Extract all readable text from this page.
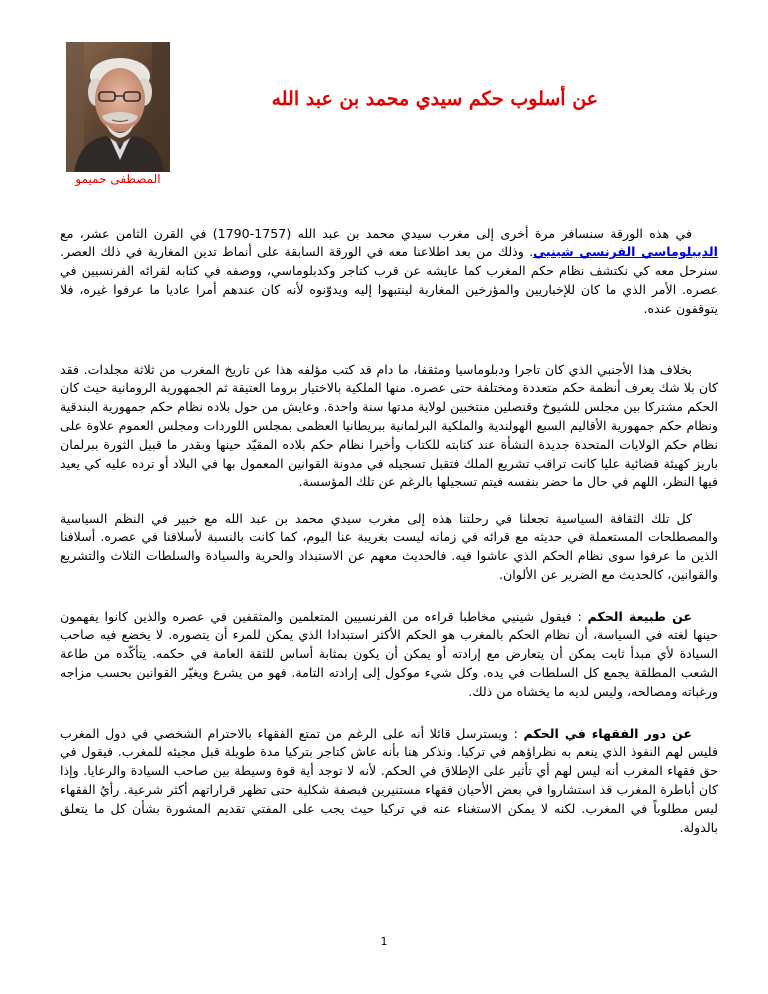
المصطفى حميمو
عن أسلوب حكم سيدي محمد بن عبد الله

في هذه الورقة سنسافر مرة أخرى إلى مغرب سيدي محمد بن عبد الله (1757-1790) في القرن الثامن عشر، مع الديبلوماسي الفرنسي شينيي. وذلك من بعد اطلاعنا معه في الورقة السابقة على أنماط تدين المغاربة في ذلك العصر. سنرحل معه كي نكتشف نظام حكم المغرب كما عايشه عن قرب كتاجر وكدبلوماسي، ووصفه في كتابه لقرائه الفرنسيين في عصره. الأمر الذي ما كان للإخباريين والمؤرخين المغاربة لينتبهوا إليه ويدوّنوه لأنه كان عندهم أمرا عاديا ما عرفوا غيره، فلا يتوقفون عنده.

بخلاف هذا الأجنبي الذي كان تاجرا ودبلوماسيا ومثقفا، ما دام قد كتب مؤلفه هذا عن تاريخ المغرب من ثلاثة مجلدات. فقد كان بلا شك يعرف أنظمة حكم متعددة ومختلفة حتى عصره. منها الملكية بالاختيار بروما العتيقة ثم الجمهورية الرومانية حيث كان الحكم مشتركا بين مجلس للشيوخ وقنصلين منتخبين لولاية مدتها سنة واحدة. وعايش من حول بلاده نظام حكم جمهورية البندقية ونظام حكم جمهورية الأقاليم السبع الهولندية والملكية البرلمانية ببريطانيا العظمى بمجلس اللوردات ومجلس العموم علاوة على نظام حكم الولايات المتحدة جديدة النشأة عند كتابته للكتاب وأخيرا نظام حكم بلاده المقيّد حينها وبقدر ما قبيل الثورة ببرلمان باريز كهيئة قضائية عليا كانت تراقب تشريع الملك فتقبل تسجيله في مدونة القوانين المعمول بها في البلاد أو ترده عليه كي يعيد فيها النظر، اللهم في حال ما حضر بنفسه فيتم تسجيلها بالرغم عن تلك المؤسسة.

كل تلك الثقافة السياسية تجعلنا في رحلتنا هذه إلى مغرب سيدي محمد بن عبد الله مع خبير في النظم السياسية والمصطلحات المستعملة في حديثه مع قرائه في زمانه ليست بغريبة عنا اليوم، كما كانت بالنسبة لأسلافنا في عصره. أسلافنا الذين ما عرفوا سوى نظام الحكم الذي عاشوا فيه. فالحديث معهم عن الاستبداد والحرية والسيادة والسلطات الثلاث والتشريع والقوانين، كالحديث مع الضرير عن الألوان.

عن طبيعة الحكم : فيقول شينيي مخاطبا قراءه من الفرنسيين المتعلمين والمثقفين في عصره والذين كانوا يفهمون حينها لغته في السياسة، أن نظام الحكم بالمغرب هو الحكم الأكثر استبدادا الذي يمكن للمرء أن يتصوره. لا يخضع فيه صاحب السيادة لأي مبدأ ثابت يمكن أن يتعارض مع إرادته أو يمكن أن يكون بمثابة أساس للثقة العامة في حكمه. يتأكّده من طاعة الشعب المطلقة يجمع كل السلطات في يده. وكل شيء موكول إلى إرادته التامة. فهو من يشرع ويغيّر القوانين بحسب مزاجه ورغباته ومصالحه، وليس لديه ما يخشاه من ذلك.

عن دور الفقهاء في الحكم : ويسترسل قائلا أنه على الرغم من تمتع الفقهاء بالاحترام الشخصي في دول المغرب فليس لهم النفوذ الذي ينعم به نظراؤهم في تركيا. ونذكر هنا بأنه عاش كتاجر بتركيا مدة طويلة قبل مجيئه للمغرب. فيقول في حق فقهاء المغرب أنه ليس لهم أي تأثير على الإطلاق في الحكم. لأنه لا توجد أية قوة وسيطة بين صاحب السيادة والرعايا. وإذا كان أباطرة المغرب قد استشاروا في بعض الأحيان فقهاء مستنيرين فبصفة شكلية حتى تظهر قراراتهم أكثر شرعية. رأيُ الفقهاء ليس مطلوباً في المغرب. لكنه لا يمكن الاستغناء عنه في تركيا حيث يجب على المفتي تقديم المشورة بشأن كل ما يتعلق بالدولة.

1
